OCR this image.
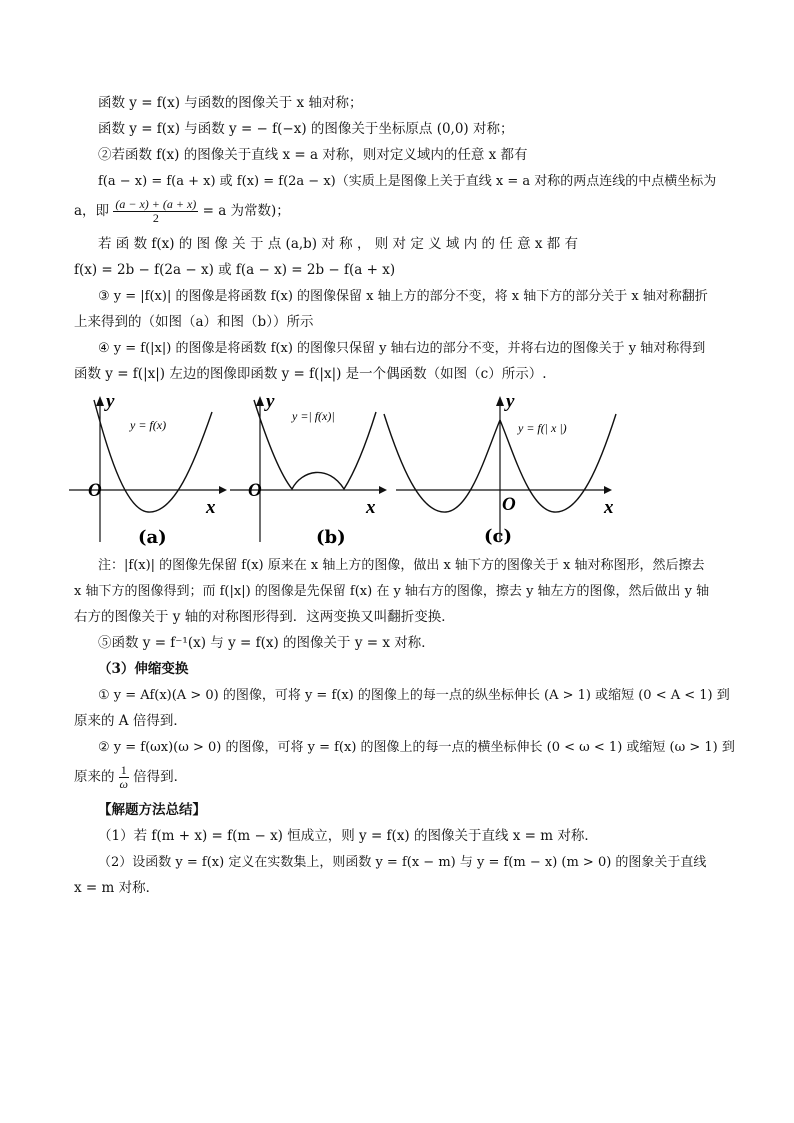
函数 y = f(x) 与函数的图像关于 x 轴对称；

函数 y = f(x) 与函数 y = − f(−x) 的图像关于坐标原点 (0,0) 对称；

②若函数 f(x) 的图像关于直线 x = a 对称，则对定义域内的任意 x 都有

f(a − x) = f(a + x) 或 f(x) = f(2a − x)（实质上是图像上关于直线 x = a 对称的两点连线的中点横坐标为

a，即 $\frac{(a - x) + (a + x)}{2} = a$ 为常数)；

若 函 数 f(x) 的 图 像 关 于 点 (a,b) 对 称 ， 则 对 定 义 域 内 的 任 意 x 都 有

f(x) = 2b − f(2a − x) 或 f(a − x) = 2b − f(a + x)

③ y = |f(x)| 的图像是将函数 f(x) 的图像保留 x 轴上方的部分不变，将 x 轴下方的部分关于 x 轴对称翻折

上来得到的（如图（a）和图（b））所示

④ y = f(|x|) 的图像是将函数 f(x) 的图像只保留 y 轴右边的部分不变，并将右边的图像关于 y 轴对称得到

函数 y = f(|x|) 左边的图像即函数 y = f(|x|) 是一个偶函数（如图（c）所示）.

O
x
y
y = f(x)
(a)
O
x
y
y =| f(x)|
(b)
O	x
y
y = f(| x |)
(c)

注：|f(x)| 的图像先保留 f(x) 原来在 x 轴上方的图像，做出 x 轴下方的图像关于 x 轴对称图形，然后擦去

x 轴下方的图像得到；而 f(|x|) 的图像是先保留 f(x) 在 y 轴右方的图像，擦去 y 轴左方的图像，然后做出 y 轴

右方的图像关于 y 轴的对称图形得到．这两变换又叫翻折变换．

⑤函数 y = f⁻¹(x) 与 y = f(x) 的图像关于 y = x 对称．

（3）伸缩变换

① y = Af(x)(A > 0) 的图像，可将 y = f(x) 的图像上的每一点的纵坐标伸长 (A > 1) 或缩短 (0 < A < 1) 到

原来的 A 倍得到．

② y = f(ωx)(ω > 0) 的图像，可将 y = f(x) 的图像上的每一点的横坐标伸长 (0 < ω < 1) 或缩短 (ω > 1) 到

原来的 $\frac{1}{\omega}$ 倍得到．

【解题方法总结】

（1）若 f(m + x) = f(m − x) 恒成立，则 y = f(x) 的图像关于直线 x = m 对称．

（2）设函数 y = f(x) 定义在实数集上，则函数 y = f(x − m) 与 y = f(m − x) (m > 0) 的图象关于直线

x = m 对称．
